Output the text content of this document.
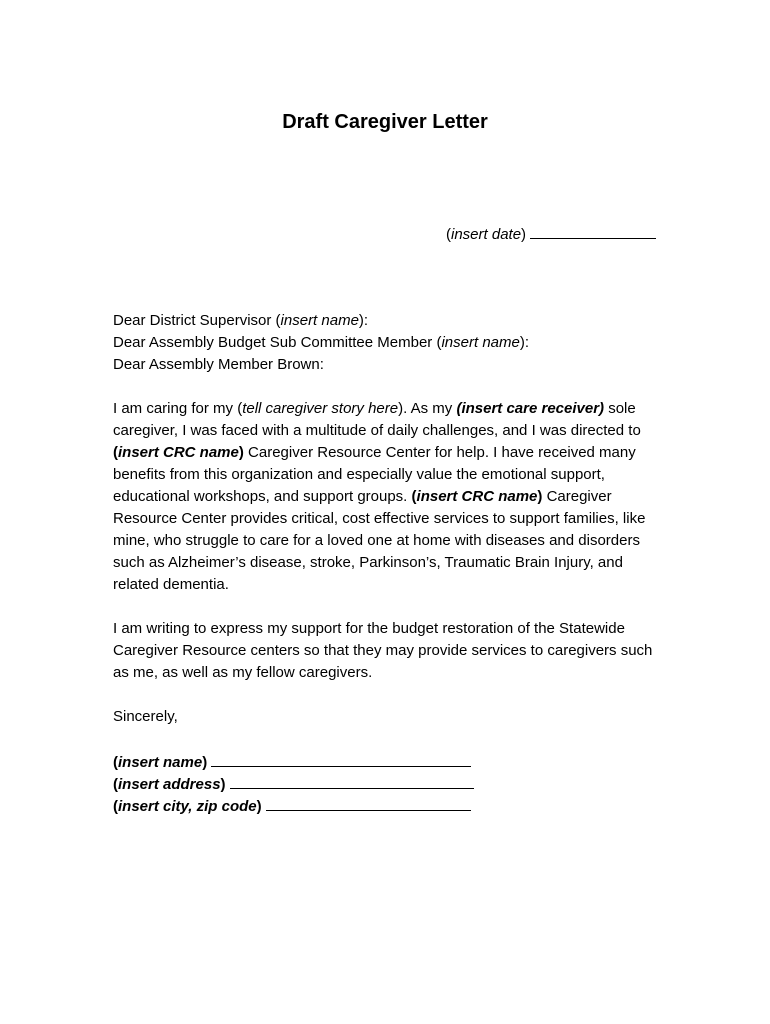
Draft Caregiver Letter
(insert date)
Dear District Supervisor (insert name):
Dear Assembly Budget Sub Committee Member (insert name):
Dear Assembly Member Brown:

I am caring for my (tell caregiver story here). As my (insert care receiver) sole caregiver, I was faced with a multitude of daily challenges, and I was directed to (insert CRC name) Caregiver Resource Center for help. I have received many benefits from this organization and especially value the emotional support, educational workshops, and support groups. (insert CRC name) Caregiver Resource Center provides critical, cost effective services to support families, like mine, who struggle to care for a loved one at home with diseases and disorders such as Alzheimer’s disease, stroke, Parkinson’s, Traumatic Brain Injury, and related dementia.

I am writing to express my support for the budget restoration of the Statewide Caregiver Resource centers so that they may provide services to caregivers such as me, as well as my fellow caregivers.

Sincerely,

(insert name)
(insert address)
(insert city, zip code)
